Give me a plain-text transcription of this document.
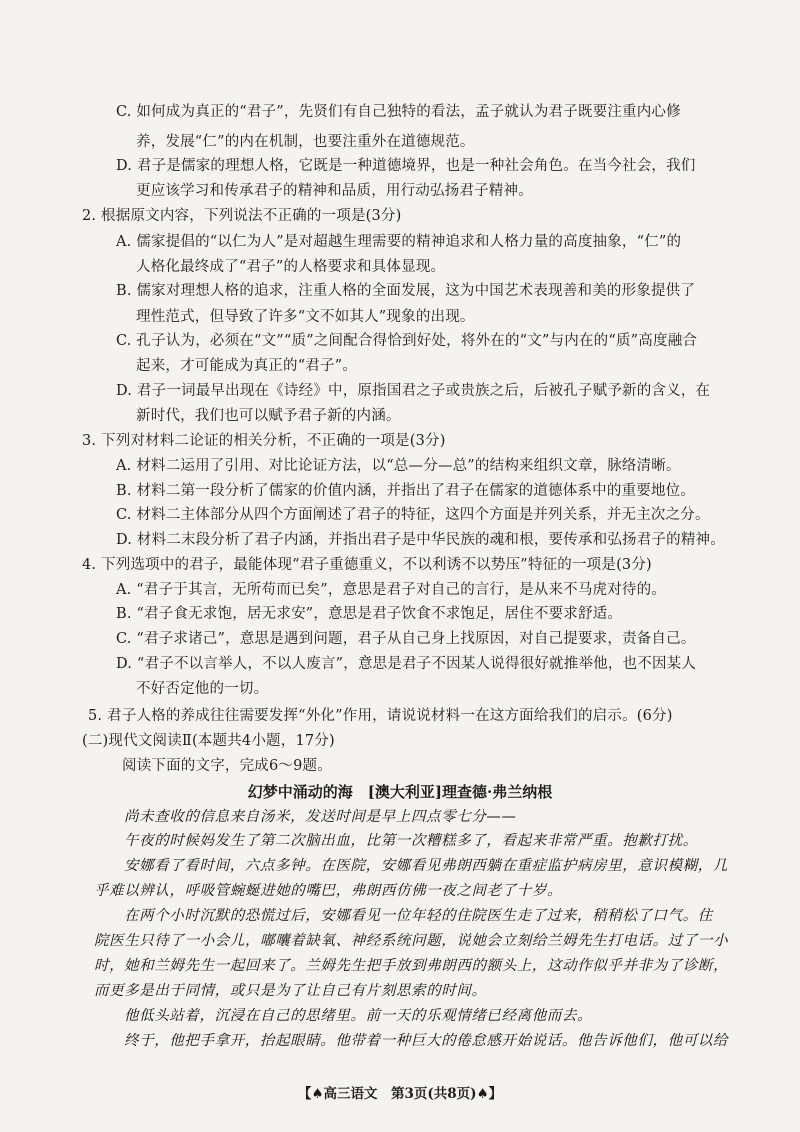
C. 如何成为真正的“君子”，先贤们有自己独特的看法，孟子就认为君子既要注重内心修
养，发展“仁”的内在机制，也要注重外在道德规范。
D. 君子是儒家的理想人格，它既是一种道德境界，也是一种社会角色。在当今社会，我们
更应该学习和传承君子的精神和品质，用行动弘扬君子精神。
2. 根据原文内容，下列说法不正确的一项是(3分)
A. 儒家提倡的“以仁为人”是对超越生理需要的精神追求和人格力量的高度抽象，“仁”的
人格化最终成了“君子”的人格要求和具体显现。
B. 儒家对理想人格的追求，注重人格的全面发展，这为中国艺术表现善和美的形象提供了
理性范式，但导致了许多“文不如其人”现象的出现。
C. 孔子认为，必须在“文”“质”之间配合得恰到好处，将外在的“文”与内在的“质”高度融合
起来，才可能成为真正的“君子”。
D. 君子一词最早出现在《诗经》中，原指国君之子或贵族之后，后被孔子赋予新的含义，在
新时代，我们也可以赋予君子新的内涵。
3. 下列对材料二论证的相关分析，不正确的一项是(3分)
A. 材料二运用了引用、对比论证方法，以“总—分—总”的结构来组织文章，脉络清晰。
B. 材料二第一段分析了儒家的价值内涵，并指出了君子在儒家的道德体系中的重要地位。
C. 材料二主体部分从四个方面阐述了君子的特征，这四个方面是并列关系，并无主次之分。
D. 材料二末段分析了君子内涵，并指出君子是中华民族的魂和根，要传承和弘扬君子的精神。
4. 下列选项中的君子，最能体现“君子重德重义，不以利诱不以势压”特征的一项是(3分)
A. “君子于其言，无所苟而已矣”，意思是君子对自己的言行，是从来不马虎对待的。
B. “君子食无求饱，居无求安”，意思是君子饮食不求饱足，居住不要求舒适。
C. “君子求诸己”，意思是遇到问题，君子从自己身上找原因，对自己提要求，责备自己。
D. “君子不以言举人，不以人废言”，意思是君子不因某人说得很好就推举他，也不因某人
不好否定他的一切。
5. 君子人格的养成往往需要发挥“外化”作用，请说说材料一在这方面给我们的启示。(6分)
(二)现代文阅读Ⅱ(本题共4小题，17分)
阅读下面的文字，完成6～9题。
幻梦中涌动的海　[澳大利亚]理查德·弗兰纳根
尚未查收的信息来自汤米，发送时间是早上四点零七分——
午夜的时候妈发生了第二次脑出血，比第一次糟糕多了，看起来非常严重。抱歉打扰。
安娜看了看时间，六点多钟。在医院，安娜看见弗朗西躺在重症监护病房里，意识模糊，几
乎难以辨认，呼吸管蜿蜒进她的嘴巴，弗朗西仿佛一夜之间老了十岁。
在两个小时沉默的恐慌过后，安娜看见一位年轻的住院医生走了过来，稍稍松了口气。住
院医生只待了一小会儿，嘟囔着缺氧、神经系统问题，说她会立刻给兰姆先生打电话。过了一小
时，她和兰姆先生一起回来了。兰姆先生把手放到弗朗西的额头上，这动作似乎并非为了诊断，
而更多是出于同情，或只是为了让自己有片刻思索的时间。
他低头站着，沉浸在自己的思绪里。前一天的乐观情绪已经离他而去。
终于，他把手拿开，抬起眼睛。他带着一种巨大的倦怠感开始说话。他告诉他们，他可以给
【♠高三语文　第3页(共8页)♠】
